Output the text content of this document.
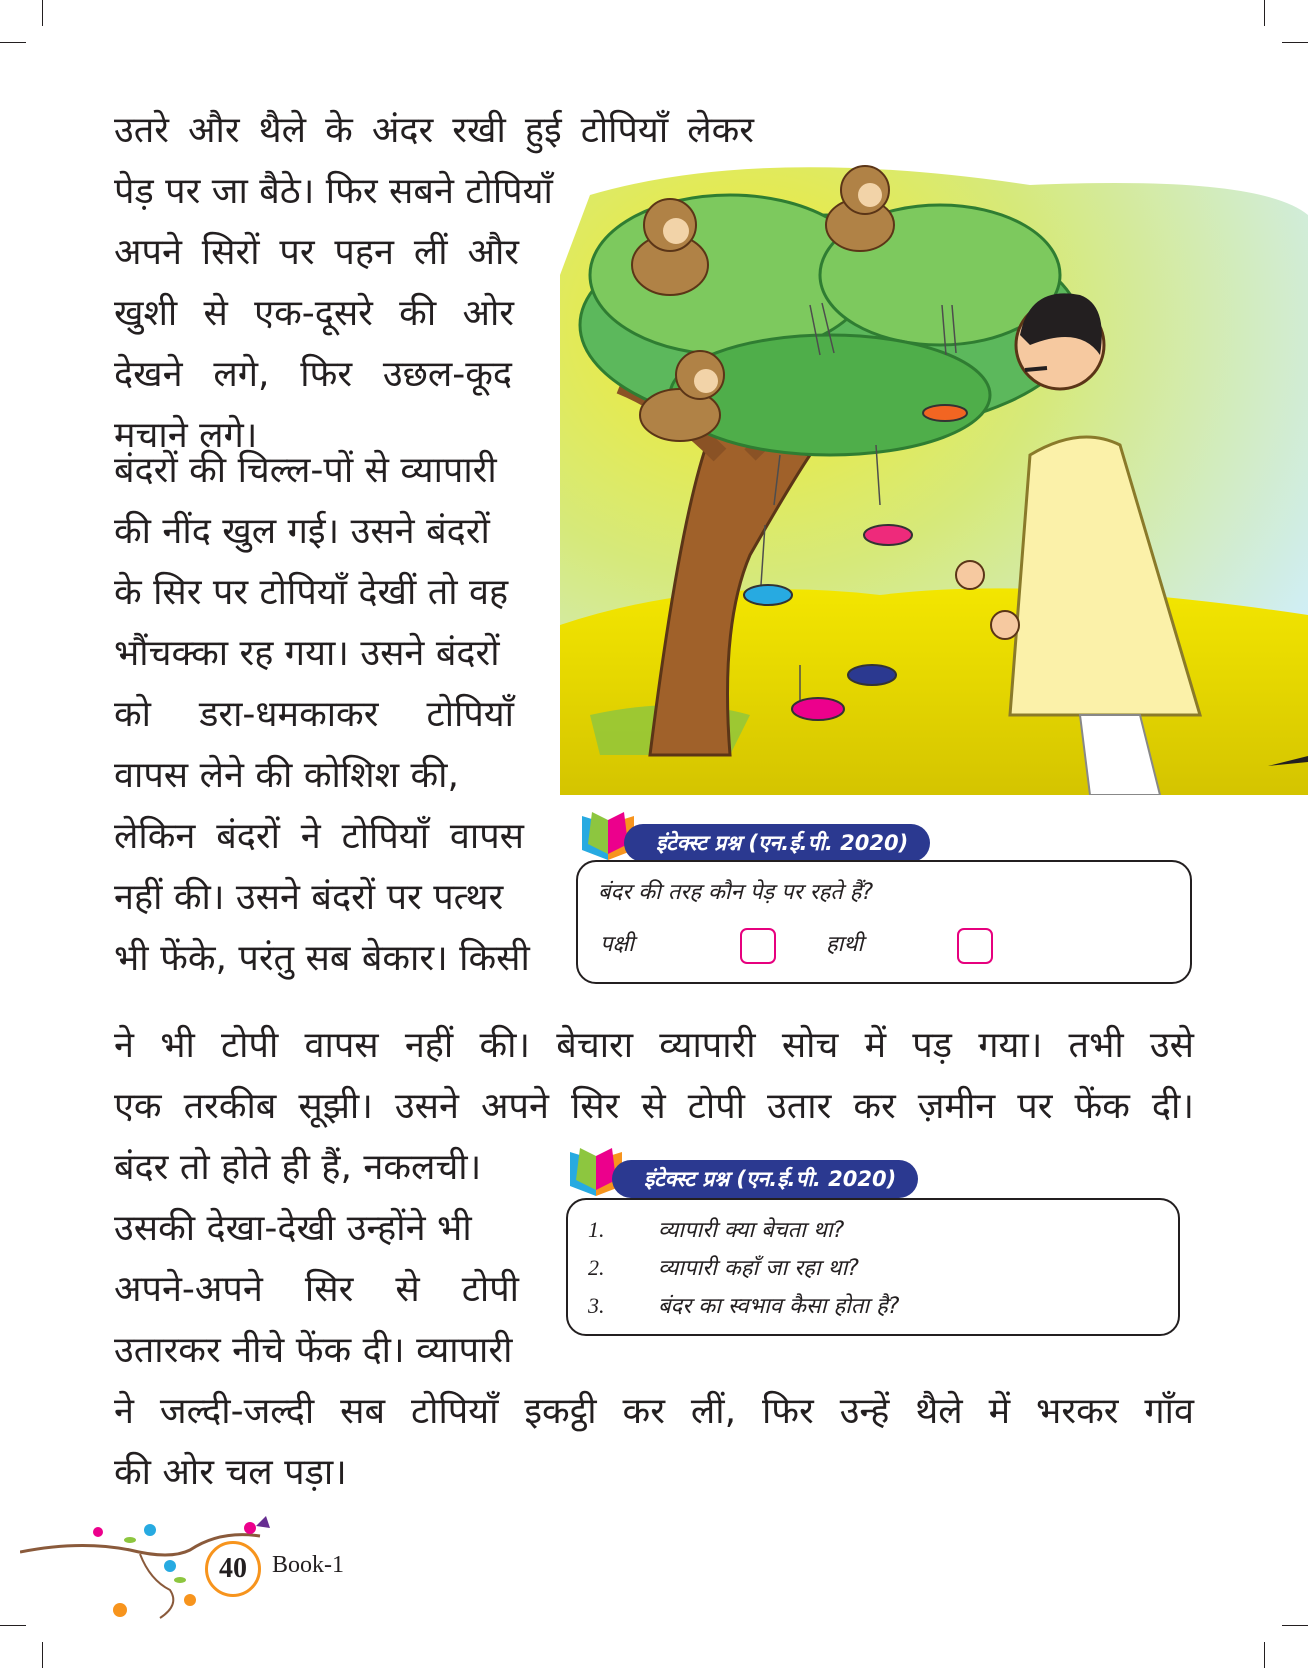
उतरे और थैले के अंदर रखी हुई टोपियाँ लेकर
पेड़ पर जा बैठे। फिर सबने टोपियाँ
अपने सिरों पर पहन लीं और
खुशी से एक-दूसरे की ओर
देखने लगे, फिर उछल-कूद
मचाने लगे।
बंदरों की चिल्ल-पों से व्यापारी
की नींद खुल गई। उसने बंदरों
के सिर पर टोपियाँ देखीं तो वह
भौंचक्का रह गया। उसने बंदरों
को डरा-धमकाकर टोपियाँ
वापस लेने की कोशिश की,
लेकिन बंदरों ने टोपियाँ वापस
नहीं की। उसने बंदरों पर पत्थर
भी फेंके, परंतु सब बेकार। किसी
ने भी टोपी वापस नहीं की। बेचारा व्यापारी सोच में पड़ गया। तभी उसे
एक तरकीब सूझी। उसने अपने सिर से टोपी उतार कर ज़मीन पर फेंक दी।
बंदर तो होते ही हैं, नकलची।
उसकी देखा-देखी उन्होंने भी
अपने-अपने सिर से टोपी
उतारकर नीचे फेंक दी। व्यापारी
ने जल्दी-जल्दी सब टोपियाँ इकट्ठी कर लीं, फिर उन्हें थैले में भरकर गाँव
की ओर चल पड़ा।
इंटेक्स्ट प्रश्न (एन.ई.पी. 2020)
बंदर की तरह कौन पेड़ पर रहते हैं?
पक्षी	हाथी
इंटेक्स्ट प्रश्न (एन.ई.पी. 2020)
1. व्यापारी क्या बेचता था?
2. व्यापारी कहाँ जा रहा था?
3. बंदर का स्वभाव कैसा होता है?
40	Book-1
